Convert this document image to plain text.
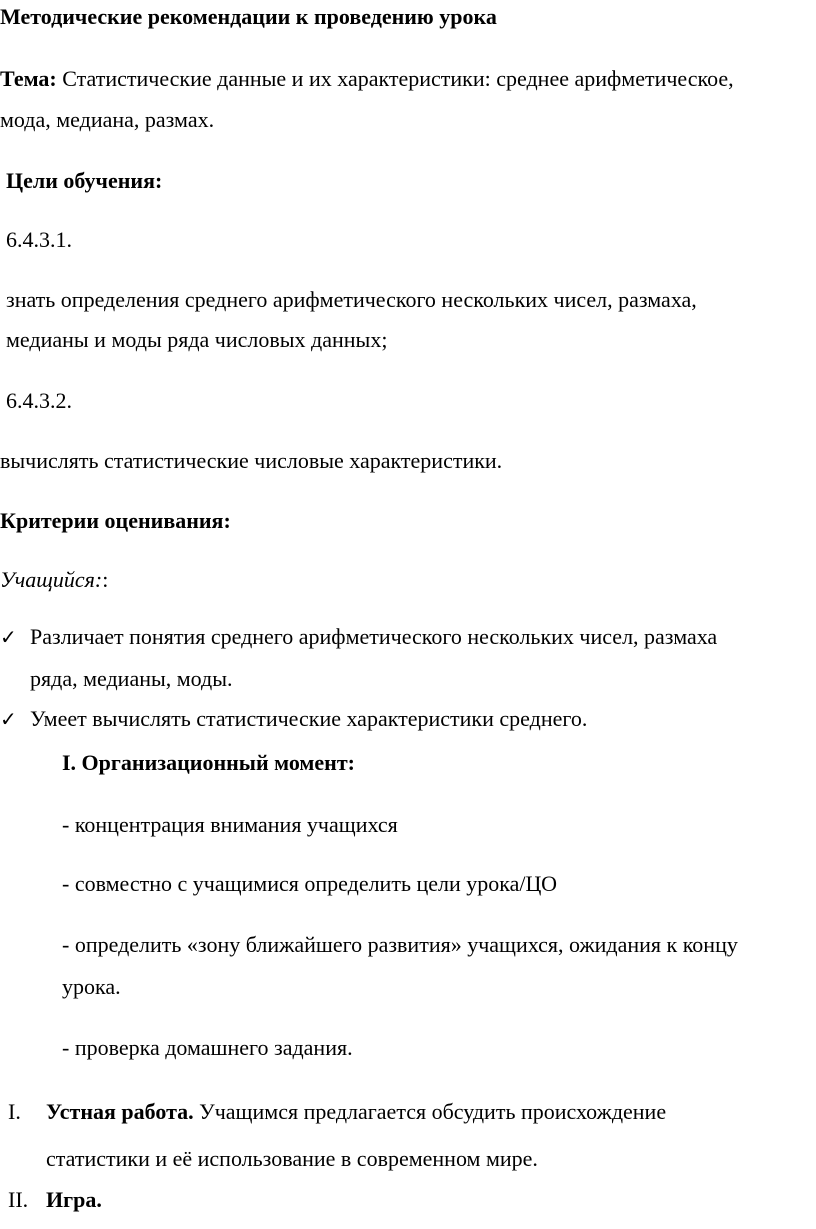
Методические рекомендации к проведению урока
Тема: Статистические данные и их характеристики: среднее арифметическое,
мода, медиана, размах.
Цели обучения:
6.4.3.1.
знать определения среднего арифметического нескольких чисел, размаха,
медианы и моды ряда числовых данных;
6.4.3.2.
вычислять статистические числовые характеристики.
Критерии оценивания:
Учащийся::
✓ Различает понятия среднего арифметического нескольких чисел, размаха
ряда, медианы, моды.
✓ Умеет вычислять статистические характеристики среднего.
I. Организационный момент:
- концентрация внимания учащихся
- совместно с учащимися определить цели урока/ЦО
- определить «зону ближайшего развития» учащихся, ожидания к концу
урока.
- проверка домашнего задания.
I. Устная работа. Учащимся предлагается обсудить происхождение
статистики и её использование в современном мире.
II. Игра.
